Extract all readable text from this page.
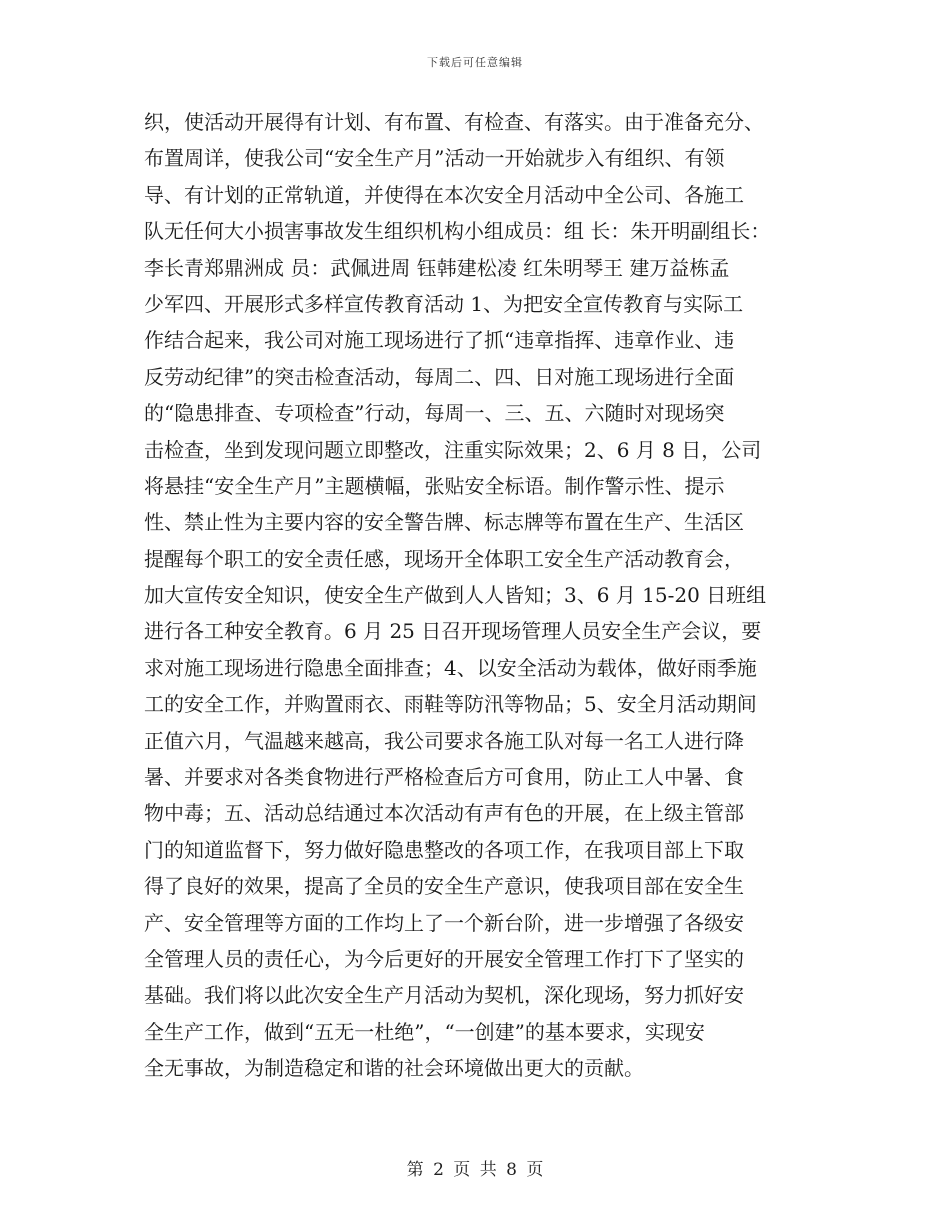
下载后可任意编辑
织，使活动开展得有计划、有布置、有检查、有落实。由于准备充分、
布置周详，使我公司“安全生产月”活动一开始就步入有组织、有领
导、有计划的正常轨道，并使得在本次安全月活动中全公司、各施工
队无任何大小损害事故发生组织机构小组成员：组 长：朱开明副组长：
李长青郑鼎洲成 员：武佩进周 钰韩建松凌 红朱明琴王 建万益栋孟
少军四、开展形式多样宣传教育活动 1、为把安全宣传教育与实际工
作结合起来，我公司对施工现场进行了抓“违章指挥、违章作业、违
反劳动纪律”的突击检查活动，每周二、四、日对施工现场进行全面
的“隐患排查、专项检查”行动，每周一、三、五、六随时对现场突
击检查，坐到发现问题立即整改，注重实际效果；2、6 月 8 日，公司
将悬挂“安全生产月”主题横幅，张贴安全标语。制作警示性、提示
性、禁止性为主要内容的安全警告牌、标志牌等布置在生产、生活区
提醒每个职工的安全责任感，现场开全体职工安全生产活动教育会，
加大宣传安全知识，使安全生产做到人人皆知；3、6 月 15-20 日班组
进行各工种安全教育。6 月 25 日召开现场管理人员安全生产会议，要
求对施工现场进行隐患全面排查；4、以安全活动为载体，做好雨季施
工的安全工作，并购置雨衣、雨鞋等防汛等物品；5、安全月活动期间
正值六月，气温越来越高，我公司要求各施工队对每一名工人进行降
暑、并要求对各类食物进行严格检查后方可食用，防止工人中暑、食
物中毒；五、活动总结通过本次活动有声有色的开展，在上级主管部
门的知道监督下，努力做好隐患整改的各项工作，在我项目部上下取
得了良好的效果，提高了全员的安全生产意识，使我项目部在安全生
产、安全管理等方面的工作均上了一个新台阶，进一步增强了各级安
全管理人员的责任心，为今后更好的开展安全管理工作打下了坚实的
基础。我们将以此次安全生产月活动为契机，深化现场，努力抓好安
全生产工作，做到“五无一杜绝”，“一创建”的基本要求，实现安
全无事故，为制造稳定和谐的社会环境做出更大的贡献。
第 2 页 共 8 页
